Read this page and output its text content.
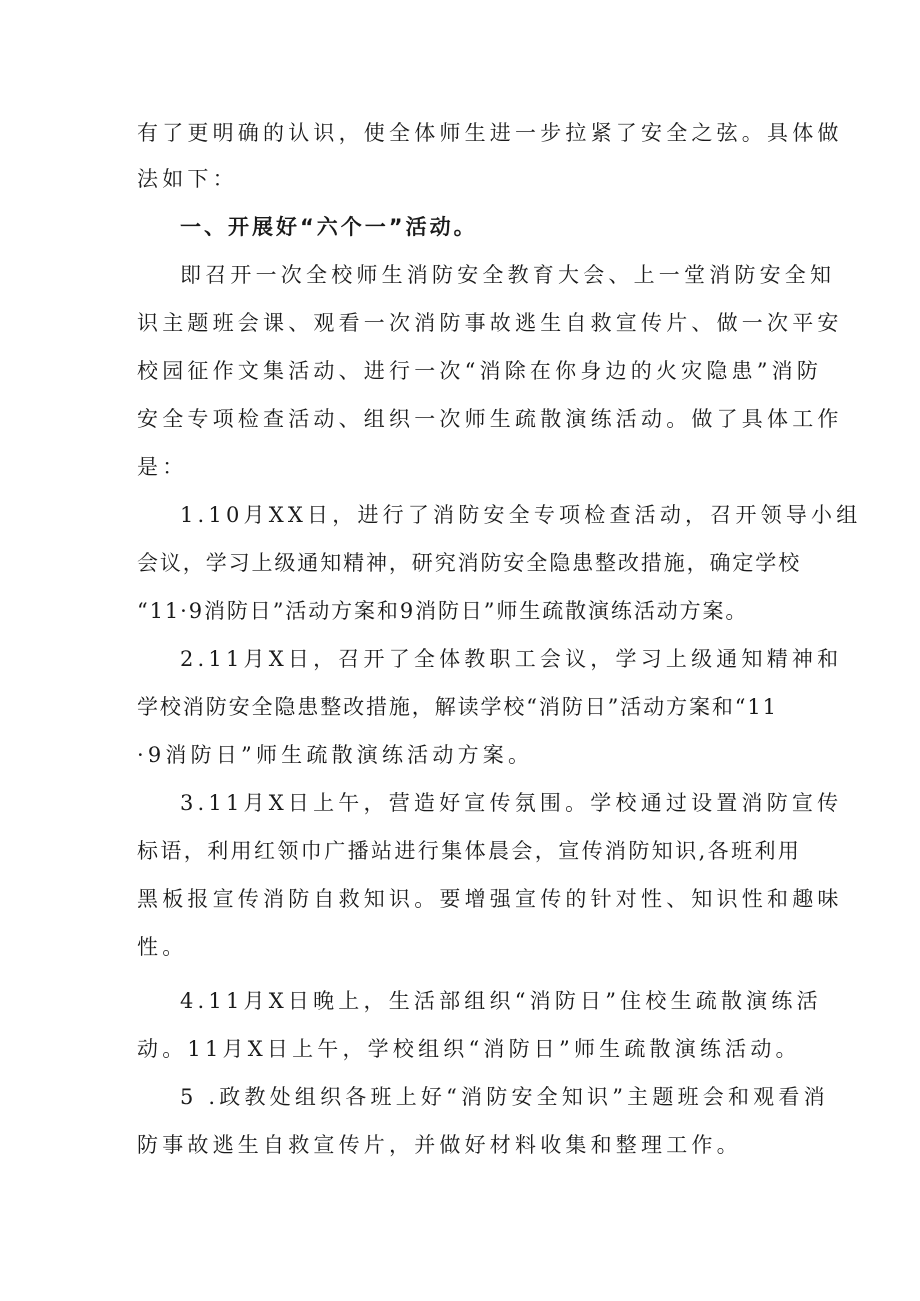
有了更明确的认识，使全体师生进一步拉紧了安全之弦。具体做
法如下：
一、开展好“六个一”活动。
即召开一次全校师生消防安全教育大会、上一堂消防安全知
识主题班会课、观看一次消防事故逃生自救宣传片、做一次平安
校园征作文集活动、进行一次“消除在你身边的火灾隐患”消防
安全专项检查活动、组织一次师生疏散演练活动。做了具体工作
是：
1.10月XX日，进行了消防安全专项检查活动，召开领导小组
会议，学习上级通知精神，研究消防安全隐患整改措施，确定学校
“11·9消防日”活动方案和9消防日”师生疏散演练活动方案。
2.11月X日，召开了全体教职工会议，学习上级通知精神和
学校消防安全隐患整改措施，解读学校“消防日”活动方案和“11
·9消防日”师生疏散演练活动方案。
3.11月X日上午，营造好宣传氛围。学校通过设置消防宣传
标语，利用红领巾广播站进行集体晨会，宣传消防知识,各班利用
黑板报宣传消防自救知识。要增强宣传的针对性、知识性和趣味
性。
4.11月X日晚上，生活部组织“消防日”住校生疏散演练活
动。11月X日上午，学校组织“消防日”师生疏散演练活动。
5 .政教处组织各班上好“消防安全知识”主题班会和观看消
防事故逃生自救宣传片，并做好材料收集和整理工作。
